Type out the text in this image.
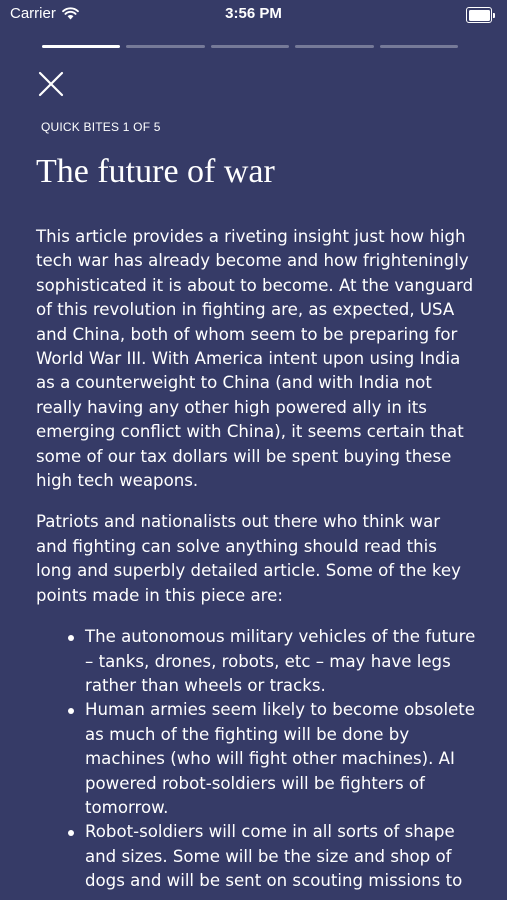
Carrier	3:56 PM
QUICK BITES 1 OF 5
The future of war

This article provides a riveting insight just how high tech war has already become and how frighteningly sophisticated it is about to become. At the vanguard of this revolution in fighting are, as expected, USA and China, both of whom seem to be preparing for World War III. With America intent upon using India as a counterweight to China (and with India not really having any other high powered ally in its emerging conflict with China), it seems certain that some of our tax dollars will be spent buying these high tech weapons.

Patriots and nationalists out there who think war and fighting can solve anything should read this long and superbly detailed article. Some of the key points made in this piece are:

The autonomous military vehicles of the future – tanks, drones, robots, etc – may have legs rather than wheels or tracks.
Human armies seem likely to become obsolete as much of the fighting will be done by machines (who will fight other machines). AI powered robot-soldiers will be fighters of tomorrow.
Robot-soldiers will come in all sorts of shape and sizes. Some will be the size and shop of dogs and will be sent on scouting missions to
